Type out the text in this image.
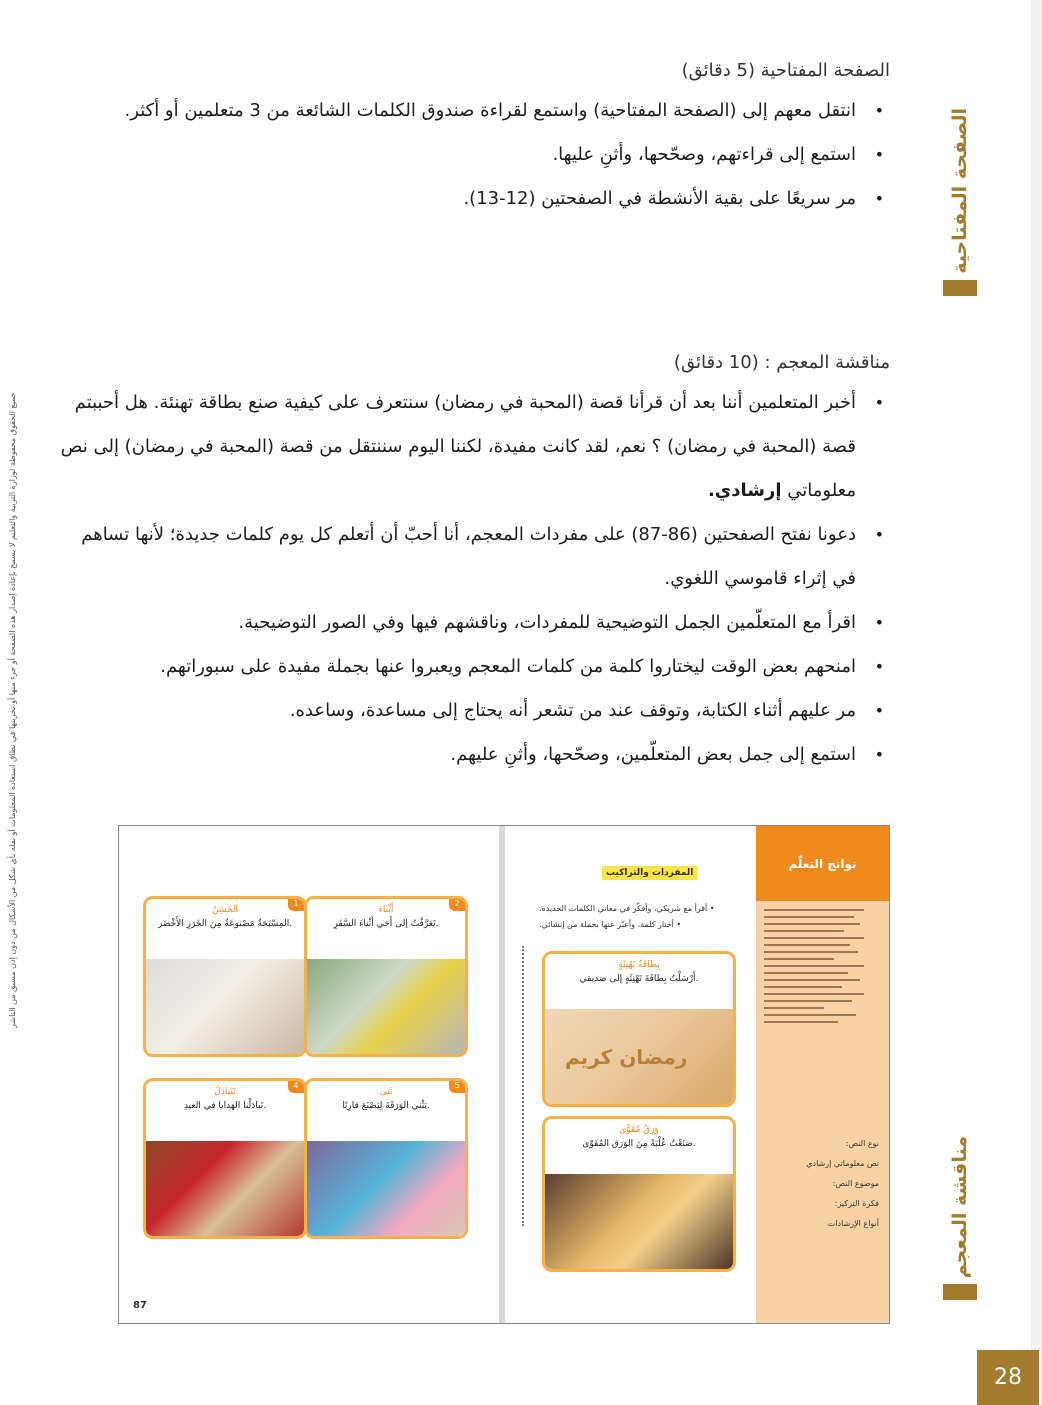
الصفحة المفتاحية
مناقشة المعجم
جميع الحقوق محفوظة لوزارة التربية والتعليم لا يسمح بإعادة إصدار هذه الصفحة أو جزء منها أو تخزينها في نطاق استعادة المعلومات أو نقله بأي شكل من الأشكال من دون إذن مسبق من الناشر
الصفحة المفتاحية (5 دقائق)
• انتقل معهم إلى (الصفحة المفتاحية) واستمع لقراءة صندوق الكلمات الشائعة من 3 متعلمين أو أكثر.
• استمع إلى قراءتهم، وصحّحها، وأثنِ عليها.
• مر سريعًا على بقية الأنشطة في الصفحتين (12-13).
مناقشة المعجم : (10 دقائق)
• أخبر المتعلمين أننا بعد أن قرأنا قصة (المحبة في رمضان) سنتعرف على كيفية صنع بطاقة تهنئة. هل أحببتم قصة (المحبة في رمضان) ؟ نعم، لقد كانت مفيدة، لكننا اليوم سننتقل من قصة (المحبة في رمضان) إلى نص معلوماتي إرشادي.
• دعونا نفتح الصفحتين (86-87) على مفردات المعجم، أنا أحبّ أن أتعلم كل يوم كلمات جديدة؛ لأنها تساهم في إثراء قاموسي اللغوي.
• اقرأ مع المتعلّمين الجمل التوضيحية للمفردات، وناقشهم فيها وفي الصور التوضيحية.
• امنحهم بعض الوقت ليختاروا كلمة من كلمات المعجم ويعبروا عنها بجملة مفيدة على سبوراتهم.
• مر عليهم أثناء الكتابة، وتوقف عند من تشعر أنه يحتاج إلى مساعدة، وساعده.
• استمع إلى جمل بعض المتعلّمين، وصحّحها، وأثنِ عليهم.
2
أَثْناءَ
تَعَرَّفْتُ إلى أَخي أَثْناءَ السَّفَرِ.
1
الخَشِنُ
المِسْبَحَةُ مَصْنوعَةٌ مِنَ الخَرَزِ الأَخْضَر.
5
ثَنى
يَثْني الوَرَقَةَ لِيَصْنَعَ قارِبًا.
4
نَتَبادَلُ
تَبادَلْنا الهَدايا في العيدِ.
87
المفردات والتراكيب
• أقرأ مع شريكي، وأفكّر في معاني الكلمات الجديدة.
• أختار كلمة، وأعبّر عنها بجملة من إنشائي.
بِطاقَةُ تَهْنِئَةٍ
أَرْسَلْتُ بِطاقَةَ تَهْنِئَةٍ إِلى صَديقي.
رمضان كريم
وَرَقٌ مُقَوًّى
صَنَعْتُ عُلْبَةً مِنَ الوَرَقِ المُقَوّى.
نواتج التعلّم
نوع النص:
نص معلوماتي إرشادي
موضوع النص:
فكرة التركيز:
أنواع الإرشادات
28
